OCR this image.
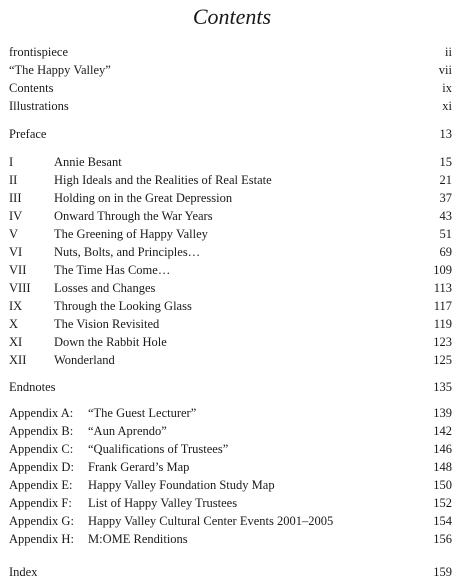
Contents
frontispiece	ii
“The Happy Valley”	vii
Contents	ix
Illustrations	xi
Preface	13
I	Annie Besant	15
II	High Ideals and the Realities of Real Estate	21
III	Holding on in the Great Depression	37
IV	Onward Through the War Years	43
V	The Greening of Happy Valley	51
VI	Nuts, Bolts, and Principles…	69
VII The Time Has Come…	109
VIII Losses and Changes	113
IX	Through the Looking Glass	117
X	The Vision Revisited	119
XI	Down the Rabbit Hole	123
XII Wonderland	125
Endnotes	135
Appendix A: “The Guest Lecturer”	139
Appendix B: “Aun Aprendo”	142
Appendix C: “Qualifications of Trustees”	146
Appendix D: Frank Gerard’s Map	148
Appendix E: Happy Valley Foundation Study Map	150
Appendix F: List of Happy Valley Trustees	152
Appendix G: Happy Valley Cultural Center Events 2001–2005	154
Appendix H: M:OME Renditions	156
Index	159
